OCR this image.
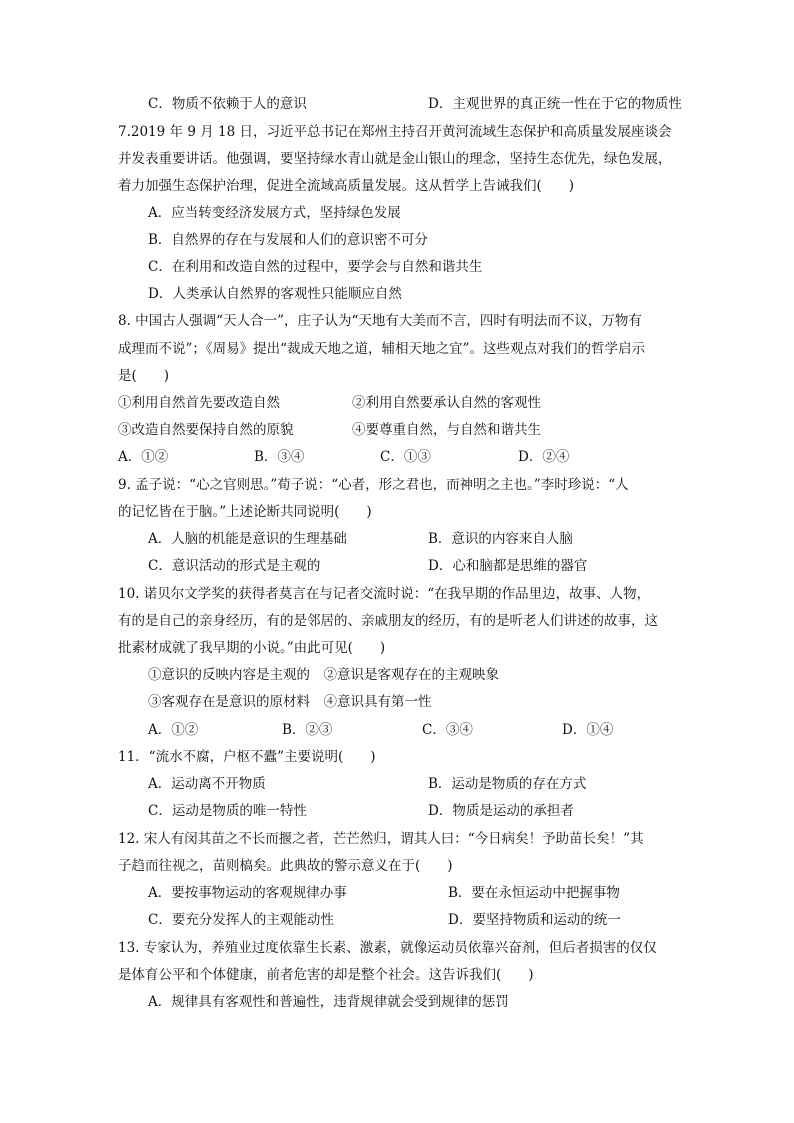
C．物质不依赖于人的意识	D．主观世界的真正统一性在于它的物质性
7.2019 年 9 月 18 日，习近平总书记在郑州主持召开黄河流域生态保护和高质量发展座谈会
并发表重要讲话。他强调，要坚持绿水青山就是金山银山的理念，坚持生态优先，绿色发展，
着力加强生态保护治理，促进全流域高质量发展。这从哲学上告诫我们(　　)
A．应当转变经济发展方式，坚持绿色发展
B．自然界的存在与发展和人们的意识密不可分
C．在利用和改造自然的过程中，要学会与自然和谐共生
D．人类承认自然界的客观性只能顺应自然
8. 中国古人强调“天人合一”，庄子认为“天地有大美而不言，四时有明法而不议，万物有
成理而不说”；《周易》提出“裁成天地之道，辅相天地之宜”。这些观点对我们的哲学启示
是(　　)
①利用自然首先要改造自然	②利用自然要承认自然的客观性
③改造自然要保持自然的原貌	④要尊重自然，与自然和谐共生
A．①②	B．③④	C．①③	D．②④
9. 孟子说：“心之官则思。”荀子说：“心者，形之君也，而神明之主也。”李时珍说：“人
的记忆皆在于脑。”上述论断共同说明(　　)
A．人脑的机能是意识的生理基础	B．意识的内容来自人脑
C．意识活动的形式是主观的	D．心和脑都是思维的器官
10. 诺贝尔文学奖的获得者莫言在与记者交流时说：“在我早期的作品里边，故事、人物，
有的是自己的亲身经历，有的是邻居的、亲戚朋友的经历，有的是听老人们讲述的故事，这
批素材成就了我早期的小说。”由此可见(　　)
①意识的反映内容是主观的　②意识是客观存在的主观映象
③客观存在是意识的原材料　④意识具有第一性
A．①②	B．②③	C．③④	D．①④
11．“流水不腐，户枢不蠹”主要说明(　　)
A．运动离不开物质	B．运动是物质的存在方式
C．运动是物质的唯一特性	D．物质是运动的承担者
12. 宋人有闵其苗之不长而揠之者，芒芒然归，谓其人曰：“今日病矣！予助苗长矣！”其
子趋而往视之，苗则槁矣。此典故的警示意义在于(　　)
A．要按事物运动的客观规律办事	B．要在永恒运动中把握事物
C．要充分发挥人的主观能动性	D．要坚持物质和运动的统一
13. 专家认为，养殖业过度依靠生长素、激素，就像运动员依靠兴奋剂，但后者损害的仅仅
是体育公平和个体健康，前者危害的却是整个社会。这告诉我们(　　)
A．规律具有客观性和普遍性，违背规律就会受到规律的惩罚
